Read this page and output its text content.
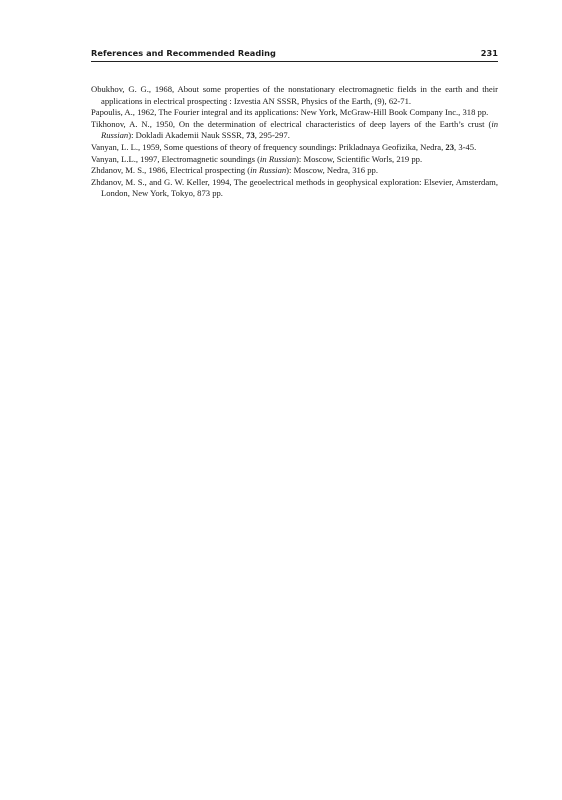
References and Recommended Reading	231

Obukhov, G. G., 1968, About some properties of the nonstationary electromagnetic fields in the earth and their applications in electrical prospecting : Izvestia AN SSSR, Physics of the Earth, (9), 62-71.

Papoulis, A., 1962, The Fourier integral and its applications: New York, McGraw-Hill Book Company Inc., 318 pp.

Tikhonov, A. N., 1950, On the determination of electrical characteristics of deep layers of the Earth’s crust (in Russian): Dokladi Akademii Nauk SSSR, 73, 295-297.

Vanyan, L. L., 1959, Some questions of theory of frequency soundings: Prikladnaya Geofizika, Nedra, 23, 3-45.

Vanyan, L.L., 1997, Electromagnetic soundings (in Russian): Moscow, Scientific Worls, 219 pp.

Zhdanov, M. S., 1986, Electrical prospecting (in Russian): Moscow, Nedra, 316 pp.

Zhdanov, M. S., and G. W. Keller, 1994, The geoelectrical methods in geophysical exploration: Elsevier, Amsterdam, London, New York, Tokyo, 873 pp.
